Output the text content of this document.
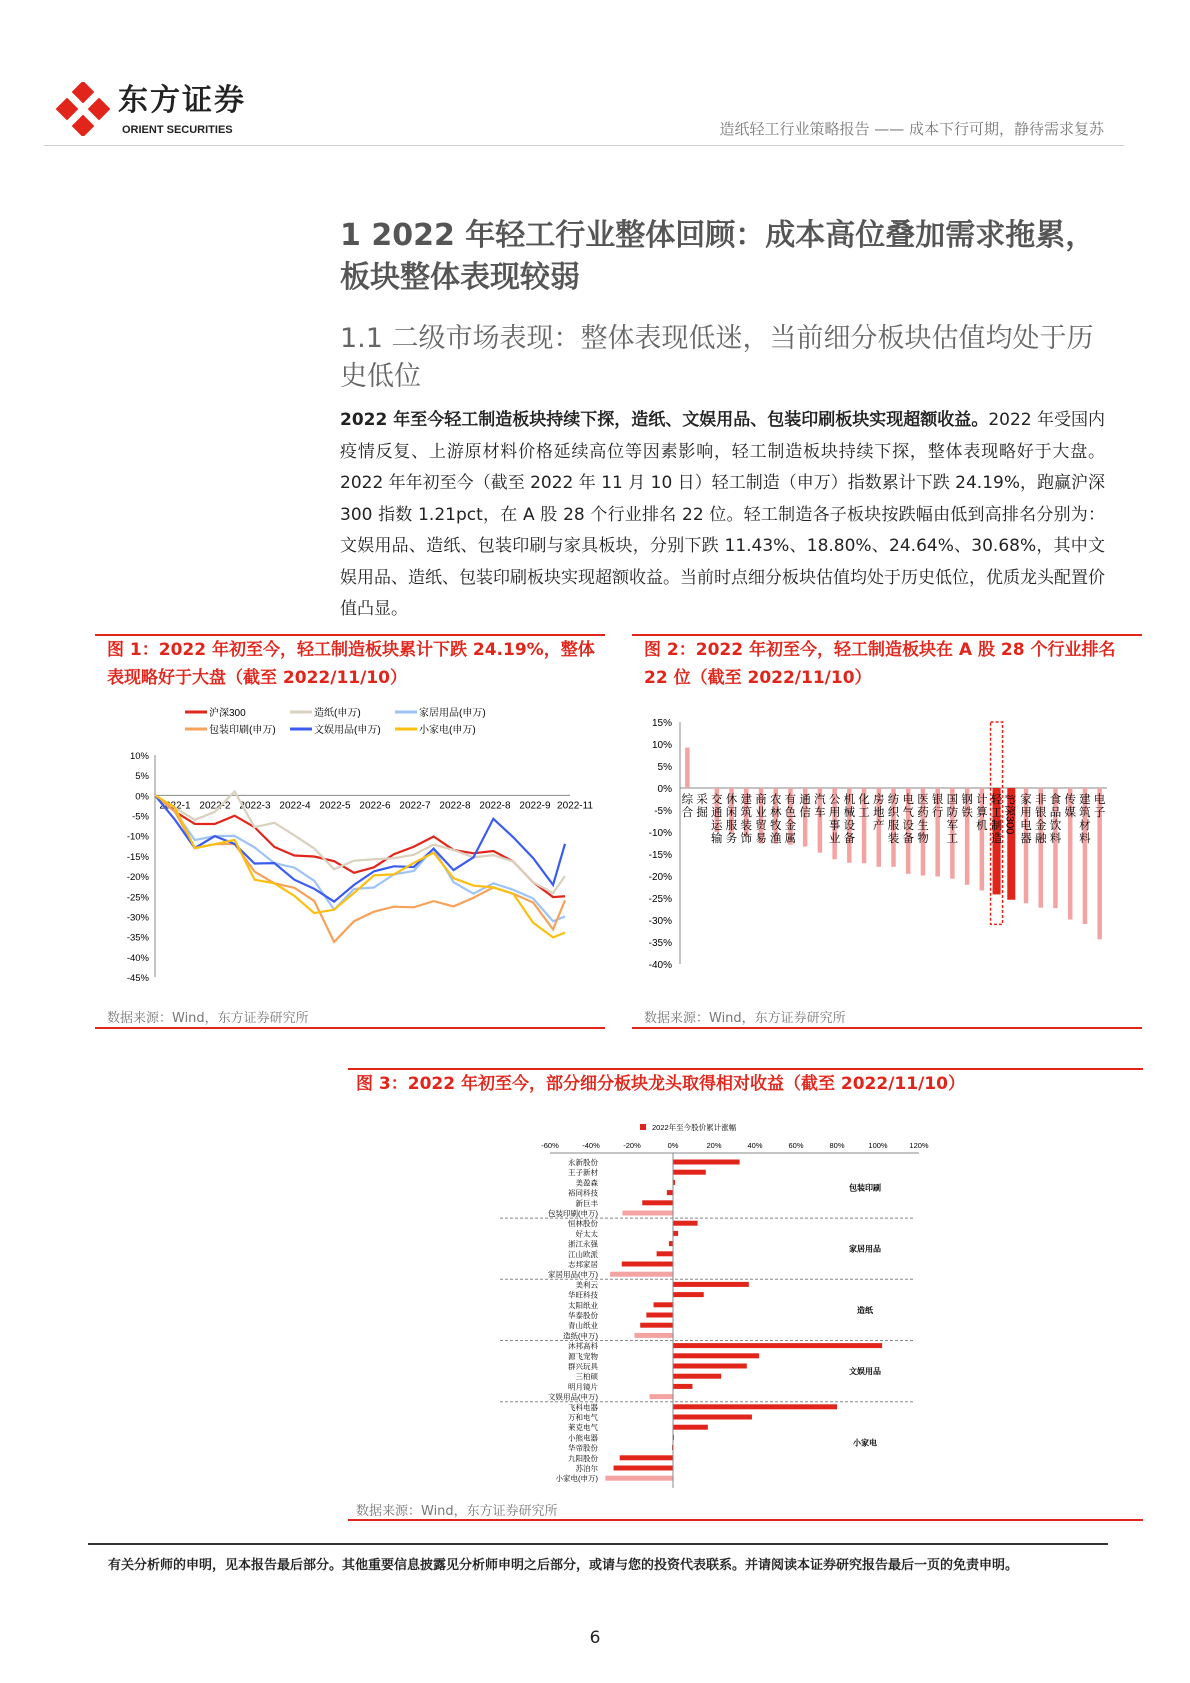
东方证券
ORIENT SECURITIES	造纸轻工行业策略报告 —— 成本下行可期，静待需求复苏
1 2022 年轻工行业整体回顾：成本高位叠加需求拖累，板块整体表现较弱
1.1 二级市场表现：整体表现低迷，当前细分板块估值均处于历史低位
2022 年至今轻工制造板块持续下探，造纸、文娱用品、包装印刷板块实现超额收益。2022 年受国内疫情反复、上游原材料价格延续高位等因素影响，轻工制造板块持续下探，整体表现略好于大盘。2022 年年初至今（截至 2022 年 11 月 10 日）轻工制造（申万）指数累计下跌 24.19%，跑赢沪深 300 指数 1.21pct，在 A 股 28 个行业排名 22 位。轻工制造各子板块按跌幅由低到高排名分别为：文娱用品、造纸、包装印刷与家具板块，分别下跌 11.43%、18.80%、24.64%、30.68%，其中文娱用品、造纸、包装印刷板块实现超额收益。当前时点细分板块估值均处于历史低位，优质龙头配置价值凸显。
图 1：2022 年初至今，轻工制造板块累计下跌 24.19%，整体表现略好于大盘（截至 2022/11/10）
沪深300	造纸(申万)	家居用品(申万)
包装印刷(申万)	文娱用品(申万)	小家电(申万)
10%
5%
0%
-5%
-10%
-15%
-20%
-25%
-30%
-35%
-40%
-45%
2022-1 2022-2 2022-3 2022-4 2022-5 2022-6 2022-7 2022-8 2022-8 2022-9 2022-11
数据来源：Wind，东方证券研究所
图 2：2022 年初至今，轻工制造板块在 A 股 28 个行业排名 22 位（截至 2022/11/10）
15%
10%
5%
0%
-5%
-10%
-15%
-20%
-25%
-30%
-35%
-40%
综
合
采
掘
交
通
运
输
休
闲
服
务
建
筑
装
饰
商
业
贸
易
农
林
牧
渔
有
色
金
属
通
信
汽
车
公
用
事
业
机
械
设
备
化
工
房
地
产
纺
织
服
装
电
气
设
备
医
药
生
物
银
行
国
防
军
工
钢
铁
计
算
机
轻
工
制
造
沪深300 家
用
电
器
非
银
金
融
食
品
饮
料
传
媒
建
筑
材
料
电
子
数据来源：Wind，东方证券研究所
图 3：2022 年初至今，部分细分板块龙头取得相对收益（截至 2022/11/10）
2022年至今股价累计涨幅
-60%	-40%	-20%	0%	20%	40%	60%	80%	100%	120%
永新股份
王子新材
美盈森
裕同科技
新巨丰
包装印刷(申万)
包装印刷
恒林股份
好太太
浙江永强
江山欧派
志邦家居
家居用品(申万)
家居用品
美利云
华旺科技
太阳纸业
华泰股份
青山纸业
造纸(申万)
造纸
沐邦高科
源飞宠物
群兴玩具
三柏硕
明月镜片
文娱用品(申万)
文娱用品
飞科电器
万和电气
莱克电气
小熊电器
华帝股份
九阳股份
苏泊尔
小家电(申万)
小家电
数据来源：Wind，东方证券研究所
有关分析师的申明，见本报告最后部分。其他重要信息披露见分析师申明之后部分，或请与您的投资代表联系。并请阅读本证券研究报告最后一页的免责申明。
6
